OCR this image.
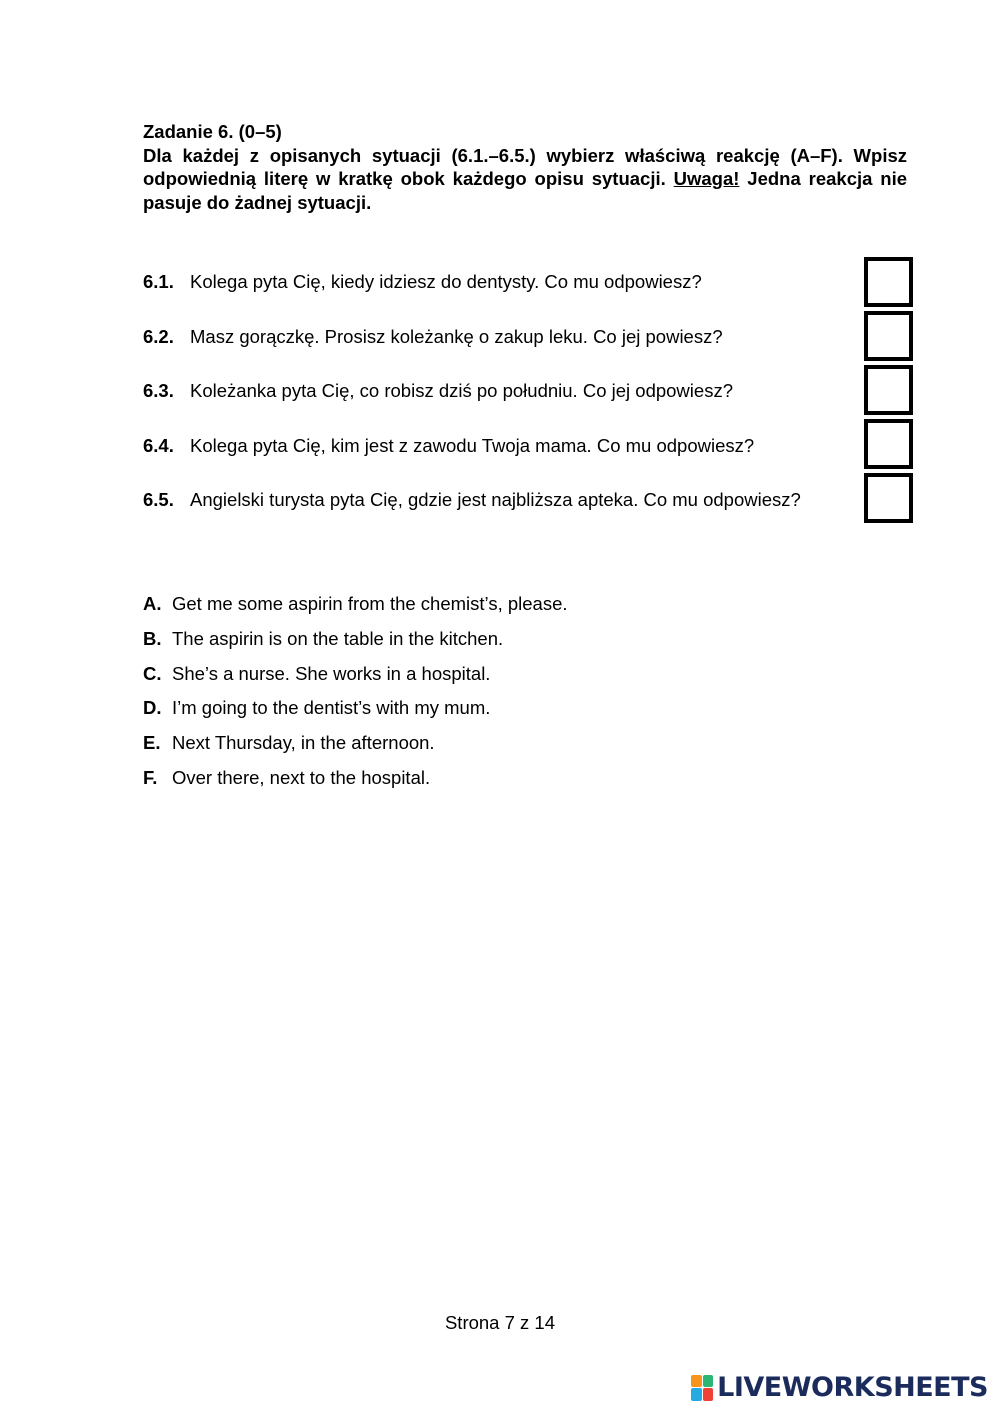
Zadanie 6. (0–5)
Dla każdej z opisanych sytuacji (6.1.–6.5.) wybierz właściwą reakcję (A–F). Wpisz odpowiednią literę w kratkę obok każdego opisu sytuacji. Uwaga! Jedna reakcja nie pasuje do żadnej sytuacji.
6.1. Kolega pyta Cię, kiedy idziesz do dentysty. Co mu odpowiesz?
6.2. Masz gorączkę. Prosisz koleżankę o zakup leku. Co jej powiesz?
6.3. Koleżanka pyta Cię, co robisz dziś po południu. Co jej odpowiesz?
6.4. Kolega pyta Cię, kim jest z zawodu Twoja mama. Co mu odpowiesz?
6.5. Angielski turysta pyta Cię, gdzie jest najbliższa apteka. Co mu odpowiesz?
A. Get me some aspirin from the chemist’s, please.
B. The aspirin is on the table in the kitchen.
C. She’s a nurse. She works in a hospital.
D. I’m going to the dentist’s with my mum.
E. Next Thursday, in the afternoon.
F. Over there, next to the hospital.
Strona 7 z 14
LIVEWORKSHEETS
